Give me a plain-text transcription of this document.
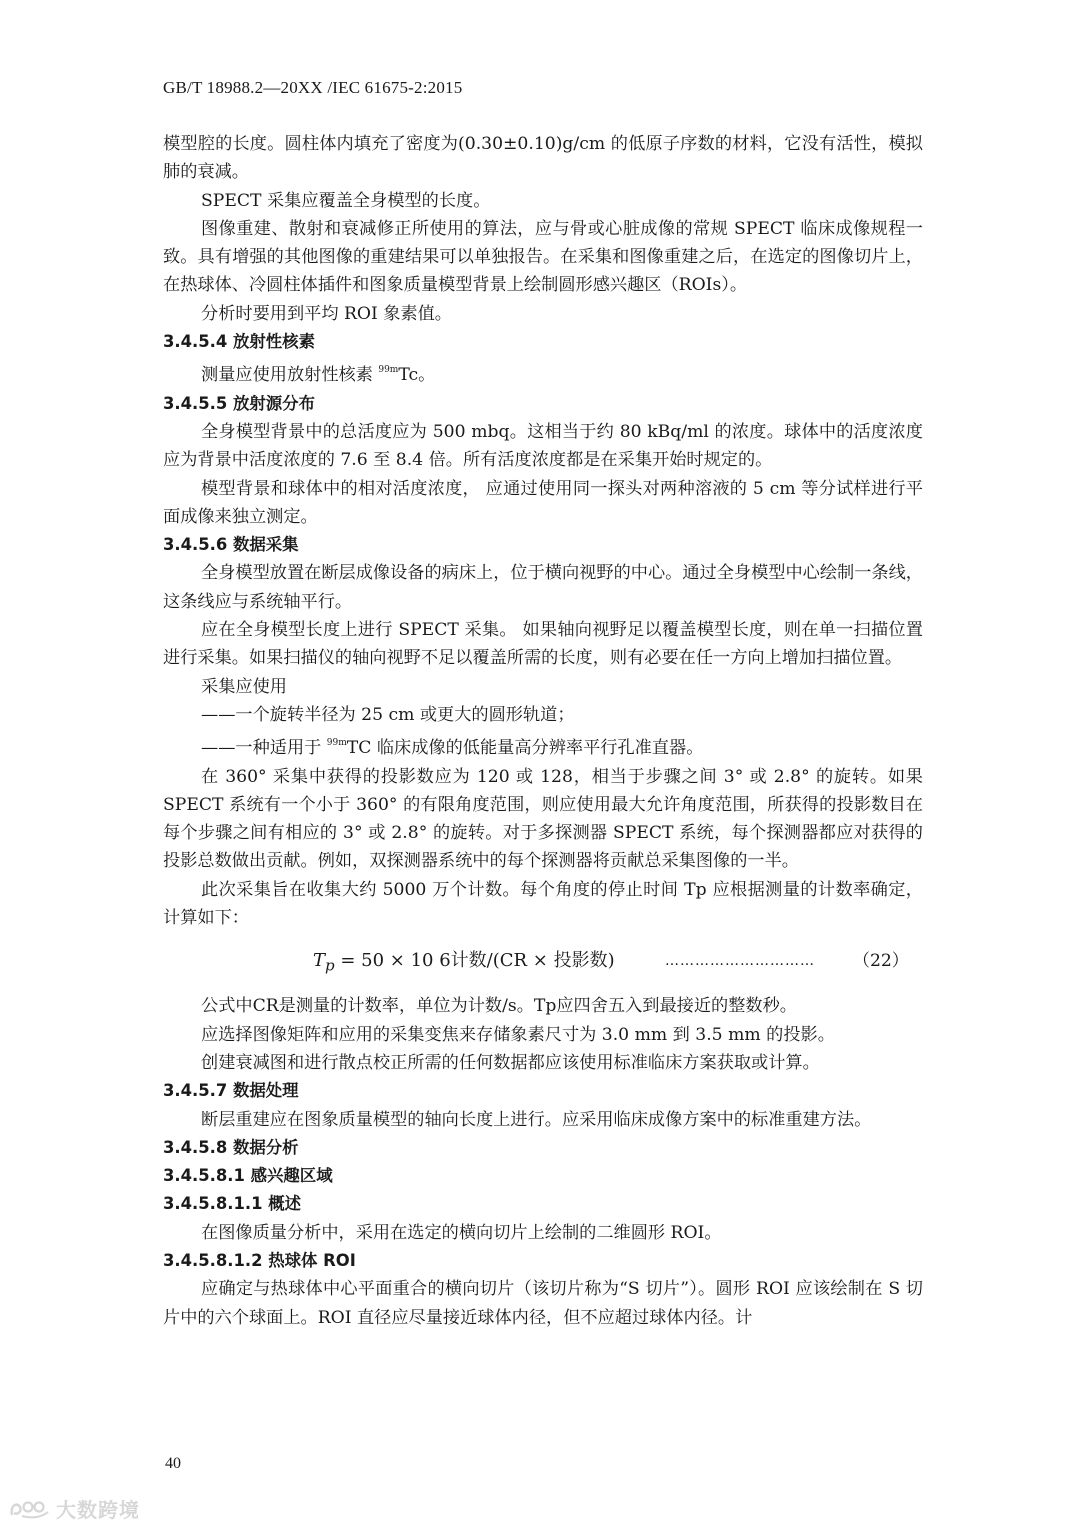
GB/T 18988.2—20XX /IEC 61675-2:2015

模型腔的长度。圆柱体内填充了密度为(0.30±0.10)g/cm 的低原子序数的材料，它没有活性，模拟肺的衰减。

SPECT 采集应覆盖全身模型的长度。

图像重建、散射和衰减修正所使用的算法，应与骨或心脏成像的常规 SPECT 临床成像规程一致。具有增强的其他图像的重建结果可以单独报告。在采集和图像重建之后，在选定的图像切片上，在热球体、冷圆柱体插件和图象质量模型背景上绘制圆形感兴趣区（ROIs）。

分析时要用到平均 ROI 象素值。

3.4.5.4 放射性核素

测量应使用放射性核素 $^{99m}$Tc。

3.4.5.5 放射源分布

全身模型背景中的总活度应为 500 mbq。这相当于约 80 kBq/ml 的浓度。球体中的活度浓度应为背景中活度浓度的 7.6 至 8.4 倍。所有活度浓度都是在采集开始时规定的。

模型背景和球体中的相对活度浓度， 应通过使用同一探头对两种溶液的 5 cm 等分试样进行平面成像来独立测定。

3.4.5.6 数据采集

全身模型放置在断层成像设备的病床上，位于横向视野的中心。通过全身模型中心绘制一条线，这条线应与系统轴平行。

应在全身模型长度上进行 SPECT 采集。 如果轴向视野足以覆盖模型长度，则在单一扫描位置进行采集。如果扫描仪的轴向视野不足以覆盖所需的长度，则有必要在任一方向上增加扫描位置。

采集应使用

——一个旋转半径为 25 cm 或更大的圆形轨道；

——一种适用于 $^{99m}$TC 临床成像的低能量高分辨率平行孔准直器。

在 360° 采集中获得的投影数应为 120 或 128，相当于步骤之间 3° 或 2.8° 的旋转。如果 SPECT 系统有一个小于 360° 的有限角度范围，则应使用最大允许角度范围，所获得的投影数目在每个步骤之间有相应的 3° 或 2.8° 的旋转。对于多探测器 SPECT 系统，每个探测器都应对获得的投影总数做出贡献。例如，双探测器系统中的每个探测器将贡献总采集图像的一半。

此次采集旨在收集大约 5000 万个计数。每个角度的停止时间 Tp 应根据测量的计数率确定，计算如下：

$T_p = 50 \times 10$ 6计数/(CR × 投影数)	………………………… （22）

公式中CR是测量的计数率，单位为计数/s。Tp应四舍五入到最接近的整数秒。

应选择图像矩阵和应用的采集变焦来存储象素尺寸为 3.0 mm 到 3.5 mm 的投影。

创建衰减图和进行散点校正所需的任何数据都应该使用标准临床方案获取或计算。

3.4.5.7 数据处理

断层重建应在图象质量模型的轴向长度上进行。应采用临床成像方案中的标准重建方法。

3.4.5.8 数据分析

3.4.5.8.1 感兴趣区域

3.4.5.8.1.1 概述

在图像质量分析中，采用在选定的横向切片上绘制的二维圆形 ROI。

3.4.5.8.1.2 热球体 ROI

应确定与热球体中心平面重合的横向切片（该切片称为“S 切片”）。圆形 ROI 应该绘制在 S 切片中的六个球面上。ROI 直径应尽量接近球体内径，但不应超过球体内径。计

40
大数跨境
